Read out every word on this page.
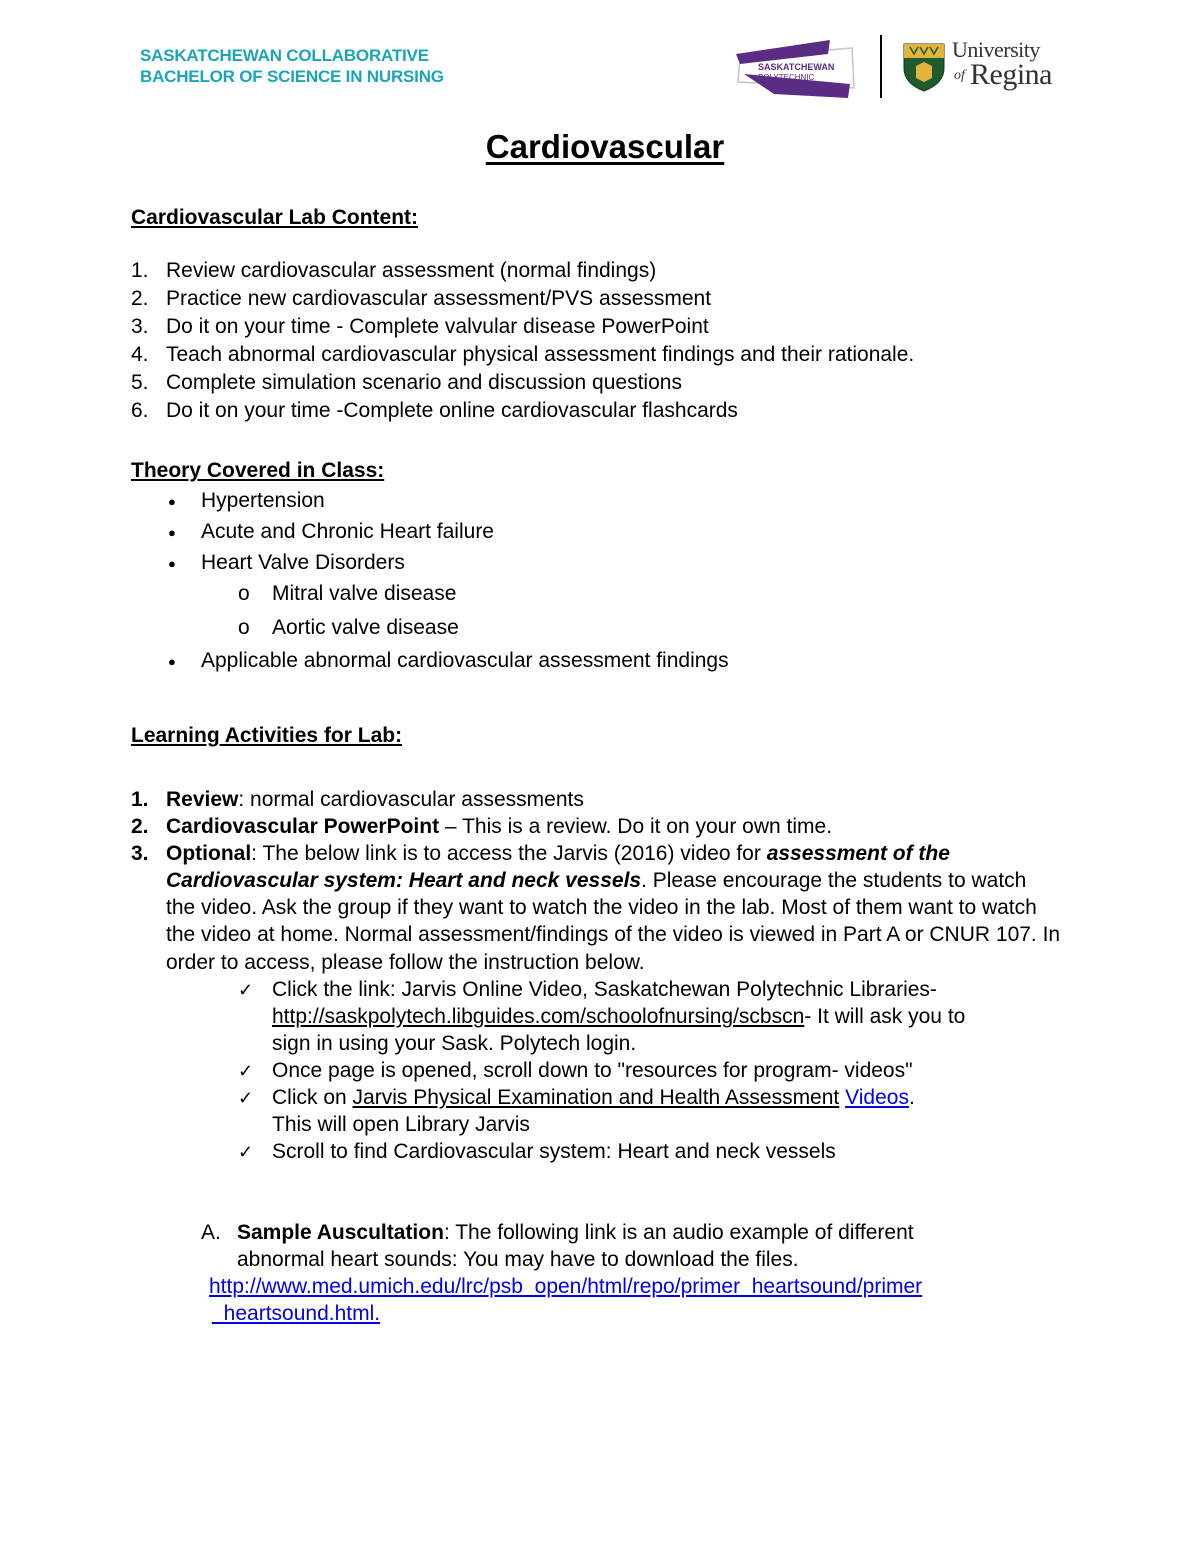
SASKATCHEWAN COLLABORATIVE
BACHELOR OF SCIENCE IN NURSING	SASKATCHEWAN
POLYTECHNIC
University
of Regina
Cardiovascular
Cardiovascular Lab Content:
1. Review cardiovascular assessment (normal findings)
2. Practice new cardiovascular assessment/PVS assessment
3. Do it on your time - Complete valvular disease PowerPoint
4. Teach abnormal cardiovascular physical assessment findings and their rationale.
5. Complete simulation scenario and discussion questions
6. Do it on your time -Complete online cardiovascular flashcards
Theory Covered in Class:
● Hypertension
● Acute and Chronic Heart failure
● Heart Valve Disorders
o Mitral valve disease
o Aortic valve disease
● Applicable abnormal cardiovascular assessment findings
Learning Activities for Lab:
1. Review: normal cardiovascular assessments
2. Cardiovascular PowerPoint – This is a review. Do it on your own time.
3. Optional: The below link is to access the Jarvis (2016) video for assessment of the
Cardiovascular system: Heart and neck vessels. Please encourage the students to watch
the video. Ask the group if they want to watch the video in the lab. Most of them want to watch
the video at home. Normal assessment/findings of the video is viewed in Part A or CNUR 107. In
order to access, please follow the instruction below.
✓ Click the link: Jarvis Online Video, Saskatchewan Polytechnic Libraries-
http://saskpolytech.libguides.com/schoolofnursing/scbscn- It will ask you to
sign in using your Sask. Polytech login.
✓ Once page is opened, scroll down to "resources for program- videos"
✓ Click on Jarvis Physical Examination and Health Assessment Videos.
This will open Library Jarvis
✓ Scroll to find Cardiovascular system: Heart and neck vessels
A. Sample Auscultation: The following link is an audio example of different
abnormal heart sounds: You may have to download the files.
http://www.med.umich.edu/lrc/psb_open/html/repo/primer_heartsound/primer
_heartsound.html.
